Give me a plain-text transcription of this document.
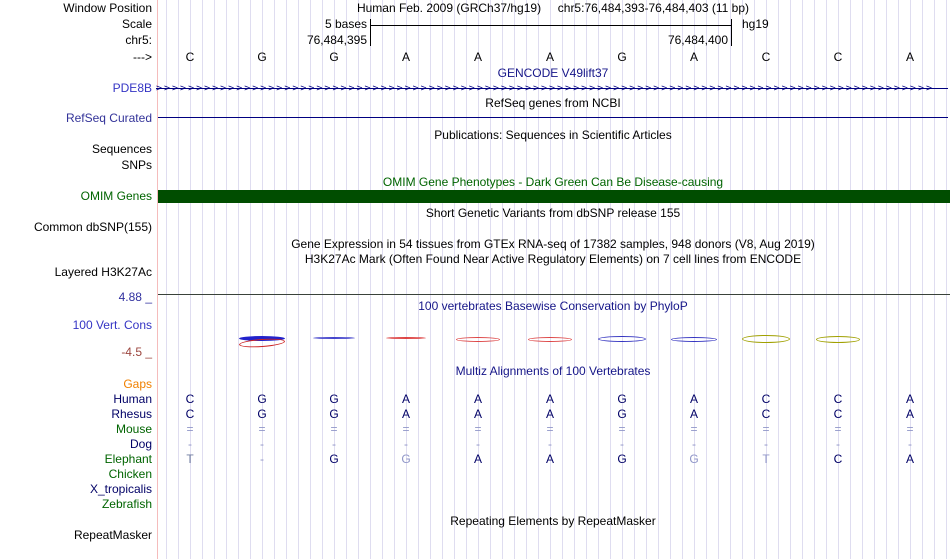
Window Position	Human Feb. 2009 (GRCh37/hg19) chr5:76,484,393-76,484,403 (11 bp)
Scale	5 bases	hg19
chr5:	76,484,395	76,484,400
--->	C	G	G	A	A	A	G	A	C	C	A
GENCODE V49lift37
PDE8B >>>>>>>>>>>>>>>>>>>>>>>>>>>>>>>>>>>>>>>>>>>>>>>>>>>>>>>>>>>>>>>>>>>>>>>>>>>>>>>>>>>>>>>>>>>>>>>>>
RefSeq genes from NCBI
RefSeq Curated
Publications: Sequences in Scientific Articles
Sequences
SNPs
OMIM Gene Phenotypes - Dark Green Can Be Disease-causing
OMIM Genes
Short Genetic Variants from dbSNP release 155
Common dbSNP(155)
Gene Expression in 54 tissues from GTEx RNA-seq of 17382 samples, 948 donors (V8, Aug 2019)
H3K27Ac Mark (Often Found Near Active Regulatory Elements) on 7 cell lines from ENCODE
Layered H3K27Ac
4.88 _
100 vertebrates Basewise Conservation by PhyloP
100 Vert. Cons
-4.5 _
Multiz Alignments of 100 Vertebrates
Gaps
Human	C	G	G	A	A	A	G	A	C	C	A
Rhesus	C	G	G	A	A	A	G	A	C	C	A
Mouse	=	=	=	=	=	=	=	=	=	=	=
Dog	-	-	-	-	-	-	-	-	-	-	-
Elephant	T	-	G	G	A	A	G	G	T	C	A
Chicken
X_tropicalis
Zebrafish
Repeating Elements by RepeatMasker
RepeatMasker
